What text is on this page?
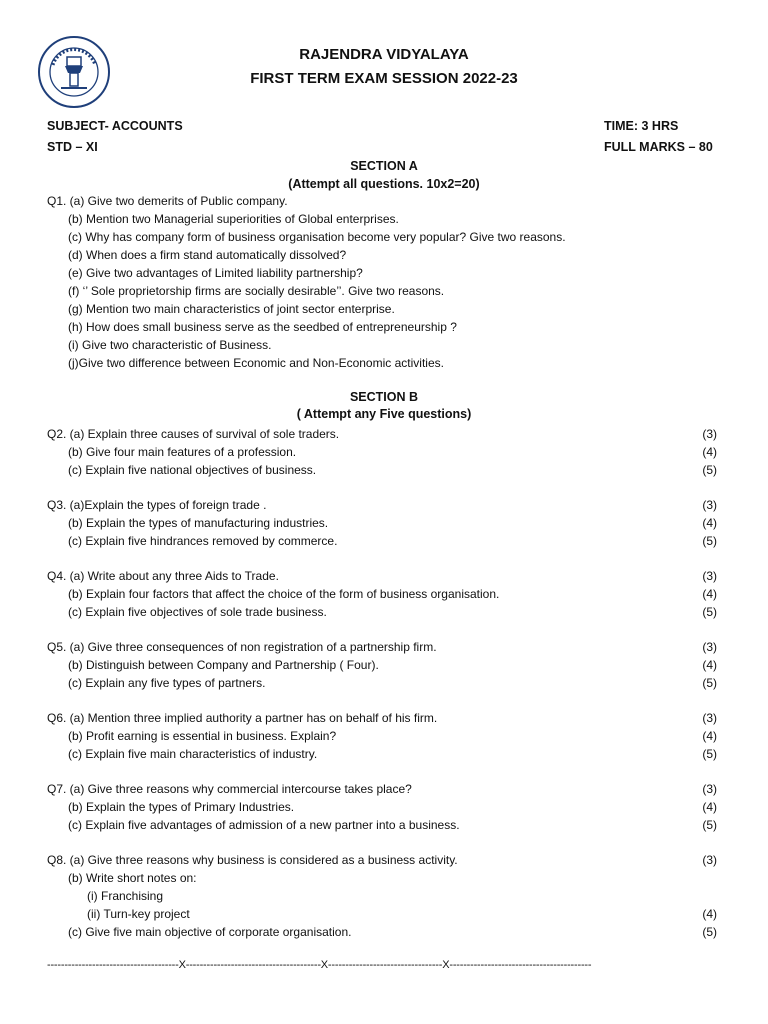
RAJENDRA VIDYALAYA
FIRST TERM EXAM SESSION 2022-23
SUBJECT- ACCOUNTS
STD – XI
TIME: 3 HRS
FULL MARKS – 80
SECTION A
(Attempt all questions. 10x2=20)
Q1. (a) Give two demerits of Public company.
(b) Mention two Managerial superiorities of Global enterprises.
(c) Why has company form of business organisation become very popular? Give two reasons.
(d) When does a firm stand automatically dissolved?
(e) Give two advantages of Limited liability partnership?
(f) ‘’ Sole proprietorship firms are socially desirable’’. Give two reasons.
(g) Mention two main characteristics of joint sector enterprise.
(h) How does small business serve as the seedbed of entrepreneurship ?
(i) Give two characteristic of Business.
(j)Give two difference between Economic and Non-Economic activities.
SECTION B
( Attempt any Five questions)
Q2. (a) Explain three causes of survival of sole traders.	(3)
(b) Give four main features of a profession.	(4)
(c) Explain five national objectives of business.	(5)
Q3. (a)Explain the types of foreign trade .	(3)
(b) Explain the types of manufacturing industries.	(4)
(c) Explain five hindrances removed by commerce.	(5)
Q4. (a) Write about any three Aids to Trade.	(3)
(b) Explain four factors that affect the choice of the form of business organisation.	(4)
(c) Explain five objectives of sole trade business.	(5)
Q5. (a) Give three consequences of non registration of a partnership firm.	(3)
(b) Distinguish between Company and Partnership ( Four).	(4)
(c) Explain any five types of partners.	(5)
Q6. (a) Mention three implied authority a partner has on behalf of his firm.	(3)
(b) Profit earning is essential in business. Explain?	(4)
(c) Explain five main characteristics of industry.	(5)
Q7. (a) Give three reasons why commercial intercourse takes place?	(3)
(b) Explain the types of Primary Industries.	(4)
(c) Explain five advantages of admission of a new partner into a business.	(5)
Q8. (a) Give three reasons why business is considered as a business activity.	(3)
(b) Write short notes on:
(i) Franchising
(ii) Turn-key project	(4)
(c) Give five main objective of corporate organisation.	(5)
--------------------------------------X---------------------------------------X---------------------------------X-----------------------------------------
